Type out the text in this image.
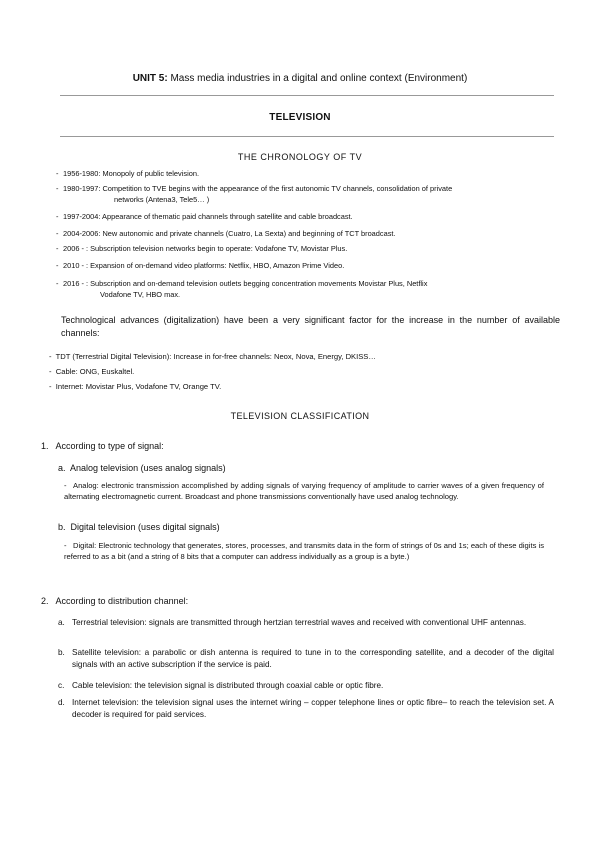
UNIT 5: Mass media industries in a digital and online context (Environment)
TELEVISION
THE CHRONOLOGY OF TV
- 1956-1980: Monopoly of public television.
- 1980-1997: Competition to TVE begins with the appearance of the first autonomic TV channels, consolidation of private
networks (Antena3, Tele5… )
- 1997-2004: Appearance of thematic paid channels through satellite and cable broadcast.
- 2004-2006: New autonomic and private channels (Cuatro, La Sexta) and beginning of TCT broadcast.
- 2006 - : Subscription television networks begin to operate: Vodafone TV, Movistar Plus.
- 2010 - : Expansion of on-demand video platforms: Netflix, HBO, Amazon Prime Video.
- 2016 - : Subscription and on-demand television outlets begging concentration movements Movistar Plus, Netflix
Vodafone TV, HBO max.
Technological advances (digitalization) have been a very significant factor for the increase in the number of available channels:
-  TDT (Terrestrial Digital Television): Increase in for-free channels: Neox, Nova, Energy, DKISS…
-  Cable: ONG, Euskaltel.
-  Internet: Movistar Plus, Vodafone TV, Orange TV.
TELEVISION CLASSIFICATION
1. According to type of signal:
a. Analog television (uses analog signals)
- Analog: electronic transmission accomplished by adding signals of varying frequency of amplitude to carrier waves of a given frequency of alternating electromagnetic current. Broadcast and phone transmissions conventionally have used analog technology.
b. Digital television (uses digital signals)
- Digital: Electronic technology that generates, stores, processes, and transmits data in the form of strings of 0s and 1s; each of these digits is referred to as a bit (and a string of 8 bits that a computer can address individually as a group is a byte.)
2. According to distribution channel:
a. Terrestrial television: signals are transmitted through hertzian terrestrial waves and received with conventional UHF antennas.
b. Satellite television: a parabolic or dish antenna is required to tune in to the corresponding satellite, and a decoder of the digital signals with an active subscription if the service is paid.
c. Cable television: the television signal is distributed through coaxial cable or optic fibre.
d. Internet television: the television signal uses the internet wiring – copper telephone lines or optic fibre– to reach the television set. A decoder is required for paid services.
